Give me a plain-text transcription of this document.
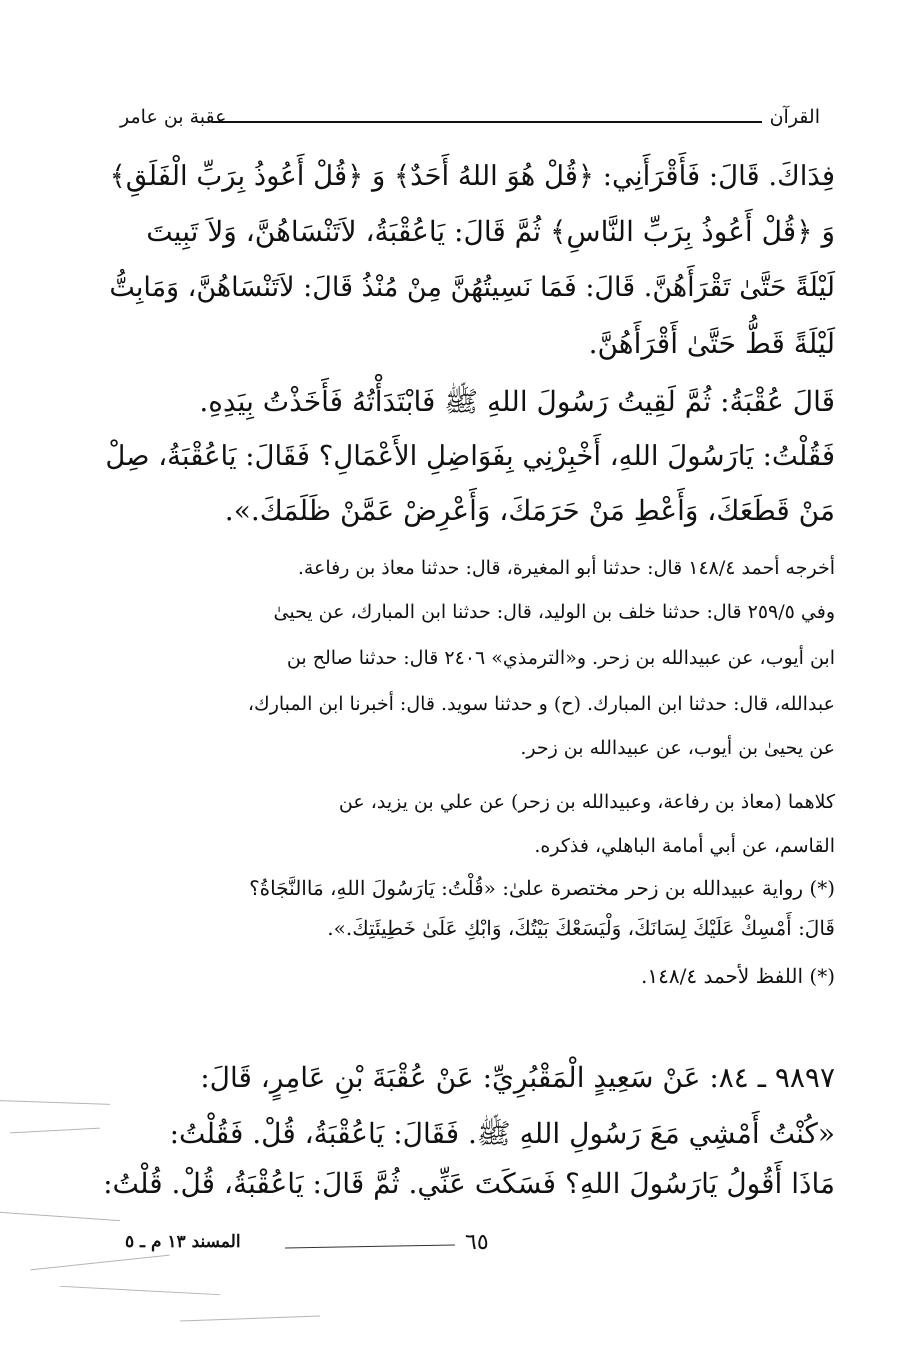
القرآن
عقبة بن عامر
فِدَاكَ. قَالَ: فَأَقْرَأَنِي: ﴿قُلْ هُوَ اللهُ أَحَدٌ﴾ وَ ﴿قُلْ أَعُوذُ بِرَبِّ الْفَلَقِ﴾
وَ ﴿قُلْ أَعُوذُ بِرَبِّ النَّاسِ﴾ ثُمَّ قَالَ: يَاعُقْبَةُ، لاَتَنْسَاهُنَّ، وَلاَ تَبِيتَ
لَيْلَةً حَتَّىٰ تَقْرَأَهُنَّ. قَالَ: فَمَا نَسِيتُهُنَّ مِنْ مُنْذُ قَالَ: لاَتَنْسَاهُنَّ، وَمَابِتُّ
لَيْلَةً قَطُّ حَتَّىٰ أَقْرَأَهُنَّ.
قَالَ عُقْبَةُ: ثُمَّ لَقِيتُ رَسُولَ اللهِ ﷺ فَابْتَدَأْتُهُ فَأَخَذْتُ بِيَدِهِ.
فَقُلْتُ: يَارَسُولَ اللهِ، أَخْبِرْنِي بِفَوَاضِلِ الأَعْمَالِ؟ فَقَالَ: يَاعُقْبَةُ، صِلْ
مَنْ قَطَعَكَ، وَأَعْطِ مَنْ حَرَمَكَ، وَأَعْرِضْ عَمَّنْ ظَلَمَكَ.».
أخرجه أحمد ١٤٨/٤ قال: حدثنا أبو المغيرة، قال: حدثنا معاذ بن رفاعة.
وفي ٢٥٩/٥ قال: حدثنا خلف بن الوليد، قال: حدثنا ابن المبارك، عن يحيىٰ
ابن أيوب، عن عبيدالله بن زحر. و«الترمذي» ٢٤٠٦ قال: حدثنا صالح بن
عبدالله، قال: حدثنا ابن المبارك. (ح) و حدثنا سويد. قال: أخبرنا ابن المبارك،
عن يحيىٰ بن أيوب، عن عبيدالله بن زحر.
كلاهما (معاذ بن رفاعة، وعبيدالله بن زحر) عن علي بن يزيد، عن
القاسم، عن أبي أمامة الباهلي، فذكره.
(*) رواية عبيدالله بن زحر مختصرة علىٰ: «قُلْتُ: يَارَسُولَ اللهِ، مَاالنَّجَاةُ؟
قَالَ: أَمْسِكْ عَلَيْكَ لِسَانَكَ، وَلْيَسَعْكَ بَيْتُكَ، وَابْكِ عَلَىٰ خَطِيئَتِكَ.».
(*) اللفظ لأحمد ١٤٨/٤.
٩٨٩٧ ـ ٨٤: عَنْ سَعِيدٍ الْمَقْبُرِيِّ: عَنْ عُقْبَةَ بْنِ عَامِرٍ، قَالَ:
«كُنْتُ أَمْشِي مَعَ رَسُولِ اللهِ ﷺ. فَقَالَ: يَاعُقْبَةُ، قُلْ. فَقُلْتُ:
مَاذَا أَقُولُ يَارَسُولَ اللهِ؟ فَسَكَتَ عَنِّي. ثُمَّ قَالَ: يَاعُقْبَةُ، قُلْ. قُلْتُ:
المسند ١٣ م ـ ٥	٦٥
